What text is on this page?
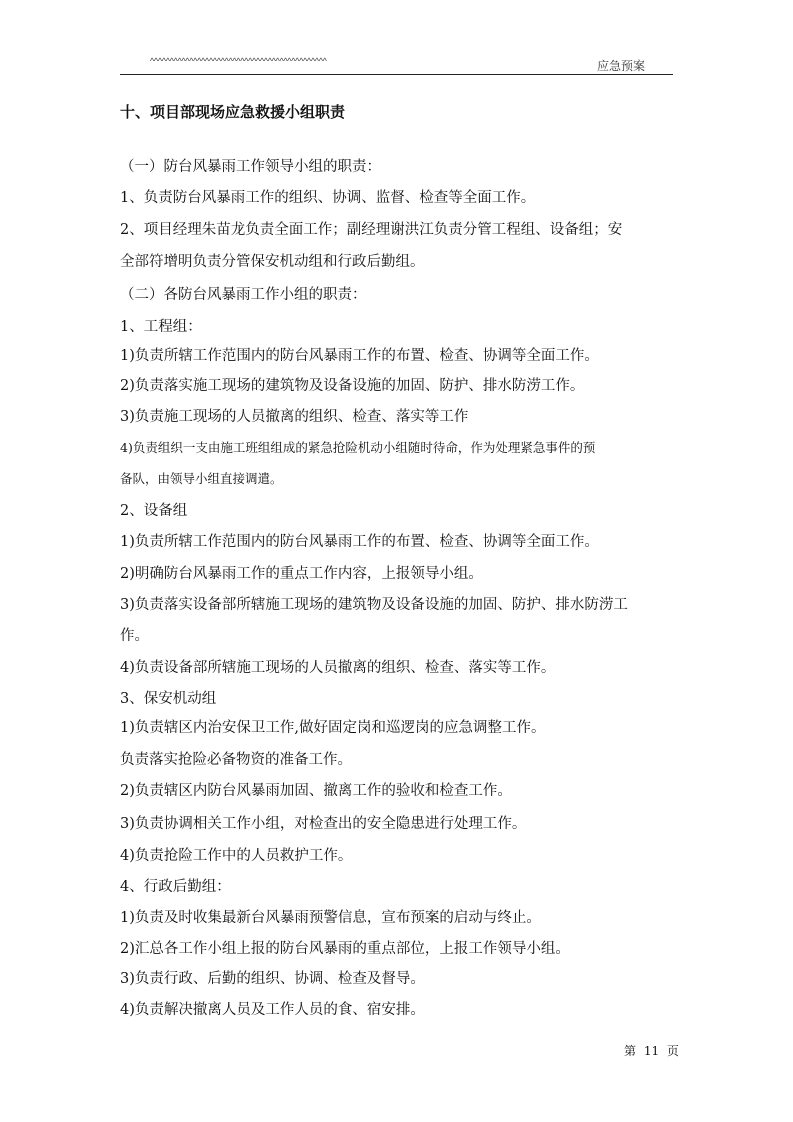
^^^^^^^^^^^^^^^^^^^^^^^^^^^^^^^^^^^^^^^^^^^^^	应急预案
十、项目部现场应急救援小组职责
（一）防台风暴雨工作领导小组的职责：
1、负责防台风暴雨工作的组织、协调、监督、检查等全面工作。
2、项目经理朱苗龙负责全面工作；副经理谢洪江负责分管工程组、设备组；安
全部符增明负责分管保安机动组和行政后勤组。
（二）各防台风暴雨工作小组的职责：
1、工程组：
1)负责所辖工作范围内的防台风暴雨工作的布置、检查、协调等全面工作。
2)负责落实施工现场的建筑物及设备设施的加固、防护、排水防涝工作。
3)负责施工现场的人员撤离的组织、检查、落实等工作
4)负责组织一支由施工班组组成的紧急抢险机动小组随时待命，作为处理紧急事件的预
备队，由领导小组直接调遣。
2、设备组
1)负责所辖工作范围内的防台风暴雨工作的布置、检查、协调等全面工作。
2)明确防台风暴雨工作的重点工作内容，上报领导小组。
3)负责落实设备部所辖施工现场的建筑物及设备设施的加固、防护、排水防涝工
作。
4)负责设备部所辖施工现场的人员撤离的组织、检查、落实等工作。
3、保安机动组
1)负责辖区内治安保卫工作,做好固定岗和巡逻岗的应急调整工作。
负责落实抢险必备物资的准备工作。
2)负责辖区内防台风暴雨加固、撤离工作的验收和检查工作。
3)负责协调相关工作小组，对检查出的安全隐患进行处理工作。
4)负责抢险工作中的人员救护工作。
4、行政后勤组：
1)负责及时收集最新台风暴雨预警信息，宣布预案的启动与终止。
2)汇总各工作小组上报的防台风暴雨的重点部位，上报工作领导小组。
3)负责行政、后勤的组织、协调、检查及督导。
4)负责解决撤离人员及工作人员的食、宿安排。
第 11 页
